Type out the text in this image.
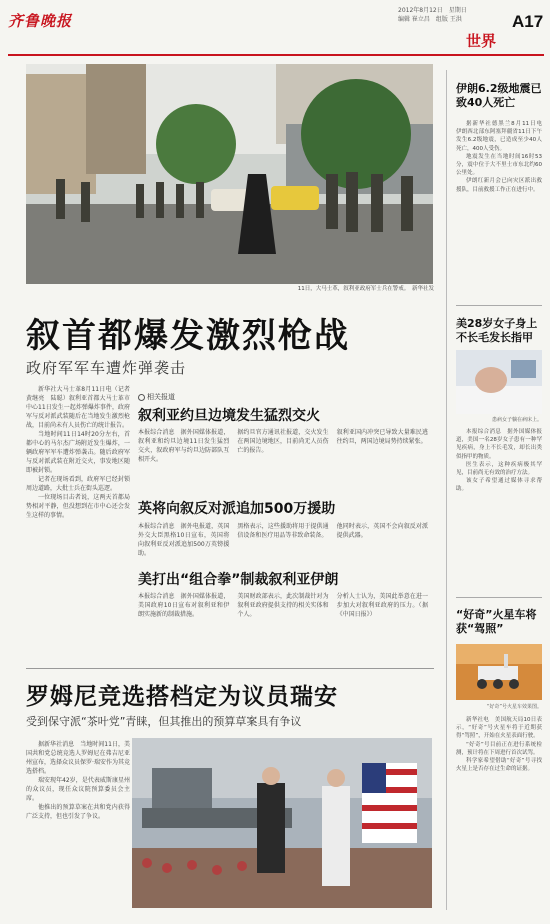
齐鲁晚报
2012年8月12日　星期日
编辑 崔立昌　组版 王洪
世界
A17
11日，大马士革，叙利亚政府军士兵在警戒。　新华社发
叙首都爆发激烈枪战
政府军军车遭炸弹袭击

新华社大马士革8月11日电（记者　黄继亮　陆聪）叙利亚首都大马士革市中心11日发生一起炸弹爆炸事件，政府军与反对派武装随后在当地发生激烈枪战，目前尚未有人员伤亡的统计报告。

当地时间11日14时20分左右，首都中心的马尔杰广场附近发生爆炸，一辆政府军军车遭炸弹袭击。随后政府军与反对派武装在附近交火，事发地区随即被封锁。

记者在现场看到，政府军已经封锁周边道路，大批士兵在街头巡逻。

一位现场目击者说，这两天首都局势相对平静，但没想到在市中心还会发生这样的事情。

相关报道
叙利亚约旦边境发生猛烈交火
本报综合消息　据外国媒体报道，叙利亚和约旦边境11日发生猛烈交火，叙政府军与约旦边防部队互相开火。
据约旦官方通讯社报道，交火发生在两国边境地区，目前尚无人员伤亡的报告。
叙利亚国内冲突已导致大量难民逃往约旦，两国边境局势持续紧张。
英将向叙反对派追加500万援助
本报综合消息　据外电报道，英国外交大臣黑格10日宣布，英国将向叙利亚反对派追加500万英镑援助。
黑格表示，这些援助将用于提供通信设备和医疗用品等非致命装备。
他同时表示，英国不会向叙反对派提供武器。
美打出“组合拳”制裁叙利亚伊朗
本报综合消息　据外国媒体报道，美国政府10日宣布对叙利亚和伊朗实施新的制裁措施。
美国财政部表示，此次制裁针对为叙利亚政府提供支持的相关实体和个人。
分析人士认为，美国此举意在进一步加大对叙利亚政府的压力。（据《中国日报》）
罗姆尼竞选搭档定为议员瑞安
受到保守派“茶叶党”青睐，但其推出的预算草案具有争议

据新华社消息　当地时间11日，美国共和党总统竞选人罗姆尼在弗吉尼亚州宣布，选择众议员保罗·瑞安作为其竞选搭档。

瑞安现年42岁，是代表威斯康星州的众议员，现任众议院预算委员会主席。

他推出的预算草案在共和党内获得广泛支持，但也引发了争议。

伊朗6.2级地震已致40人死亡

据新华社德黑兰8月11日电　伊朗西北部东阿塞拜疆省11日下午发生6.2级地震，已造成至少40人死亡，400人受伤。

地震发生在当地时间16时53分，震中位于大不里士市东北约60公里处。

伊朗红新月会已向灾区派出救援队，目前救援工作正在进行中。

美28岁女子身上不长毛发长指甲
患病女子躺在病床上。

本报综合消息　据外国媒体报道，美国一名28岁女子患有一种罕见疾病，身上不长毛发，却长出类似指甲的物质。

医生表示，这种疾病极其罕见，目前尚无有效的治疗方法。

该女子希望通过媒体寻求帮助。

“好奇”火星车将获“驾照”
“好奇”号火星车效果图。

新华社电　美国航天局10日表示，“好奇”号火星车将于近期获得“驾照”，开始在火星表面行驶。

“好奇”号目前正在进行系统检测，预计将在下周进行首次试驾。

科学家希望借助“好奇”号寻找火星上是否存在过生命的证据。
